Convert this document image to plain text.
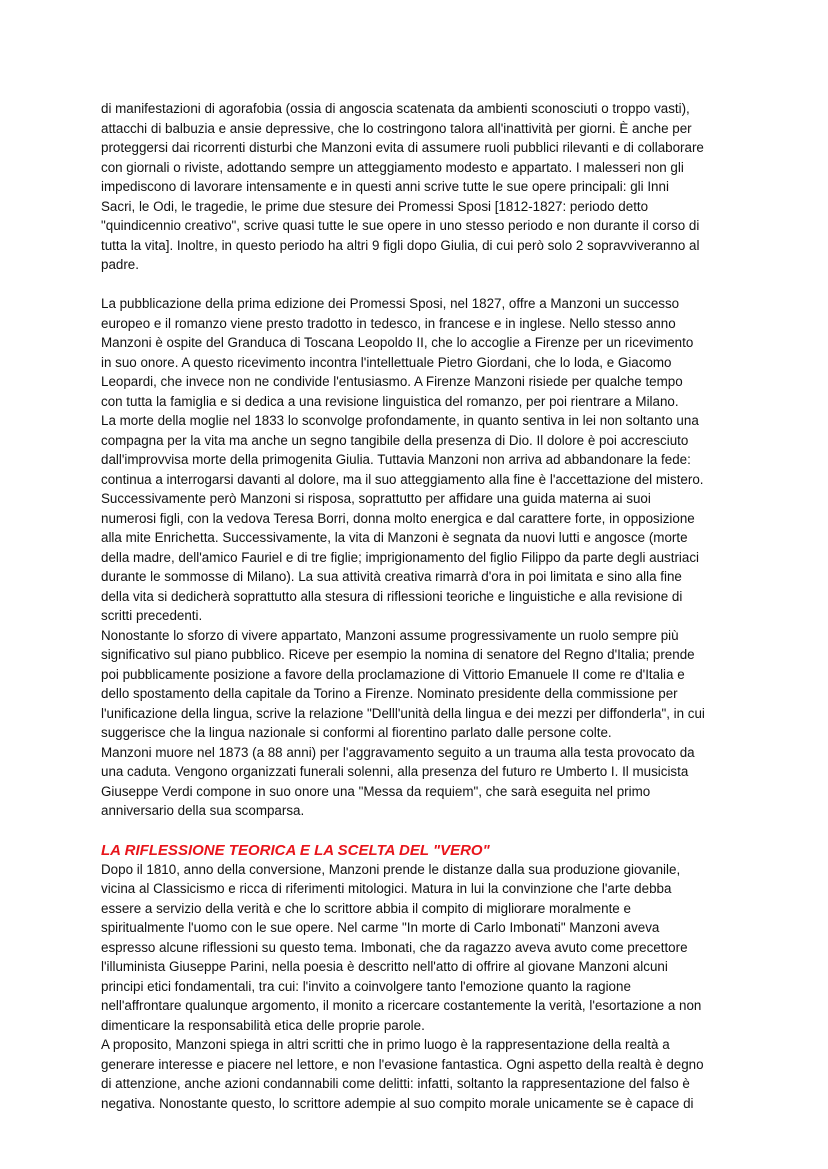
di manifestazioni di agorafobia (ossia di angoscia scatenata da ambienti sconosciuti o troppo vasti),
attacchi di balbuzia e ansie depressive, che lo costringono talora all'inattività per giorni. È anche per
proteggersi dai ricorrenti disturbi che Manzoni evita di assumere ruoli pubblici rilevanti e di collaborare
con giornali o riviste, adottando sempre un atteggiamento modesto e appartato. I malesseri non gli
impediscono di lavorare intensamente e in questi anni scrive tutte le sue opere principali: gli Inni
Sacri, le Odi, le tragedie, le prime due stesure dei Promessi Sposi [1812-1827: periodo detto
"quindicennio creativo", scrive quasi tutte le sue opere in uno stesso periodo e non durante il corso di
tutta la vita]. Inoltre, in questo periodo ha altri 9 figli dopo Giulia, di cui però solo 2 sopravviveranno al
padre.
La pubblicazione della prima edizione dei Promessi Sposi, nel 1827, offre a Manzoni un successo
europeo e il romanzo viene presto tradotto in tedesco, in francese e in inglese. Nello stesso anno
Manzoni è ospite del Granduca di Toscana Leopoldo II, che lo accoglie a Firenze per un ricevimento
in suo onore. A questo ricevimento incontra l'intellettuale Pietro Giordani, che lo loda, e Giacomo
Leopardi, che invece non ne condivide l'entusiasmo. A Firenze Manzoni risiede per qualche tempo
con tutta la famiglia e si dedica a una revisione linguistica del romanzo, per poi rientrare a Milano.
La morte della moglie nel 1833 lo sconvolge profondamente, in quanto sentiva in lei non soltanto una
compagna per la vita ma anche un segno tangibile della presenza di Dio. Il dolore è poi accresciuto
dall'improvvisa morte della primogenita Giulia. Tuttavia Manzoni non arriva ad abbandonare la fede:
continua a interrogarsi davanti al dolore, ma il suo atteggiamento alla fine è l'accettazione del mistero.
Successivamente però Manzoni si risposa, soprattutto per affidare una guida materna ai suoi
numerosi figli, con la vedova Teresa Borri, donna molto energica e dal carattere forte, in opposizione
alla mite Enrichetta. Successivamente, la vita di Manzoni è segnata da nuovi lutti e angosce (morte
della madre, dell'amico Fauriel e di tre figlie; imprigionamento del figlio Filippo da parte degli austriaci
durante le sommosse di Milano). La sua attività creativa rimarrà d'ora in poi limitata e sino alla fine
della vita si dedicherà soprattutto alla stesura di riflessioni teoriche e linguistiche e alla revisione di
scritti precedenti.
Nonostante lo sforzo di vivere appartato, Manzoni assume progressivamente un ruolo sempre più
significativo sul piano pubblico. Riceve per esempio la nomina di senatore del Regno d'Italia; prende
poi pubblicamente posizione a favore della proclamazione di Vittorio Emanuele II come re d'Italia e
dello spostamento della capitale da Torino a Firenze. Nominato presidente della commissione per
l'unificazione della lingua, scrive la relazione "Delll'unità della lingua e dei mezzi per diffonderla", in cui
suggerisce che la lingua nazionale si conformi al fiorentino parlato dalle persone colte.
Manzoni muore nel 1873 (a 88 anni) per l'aggravamento seguito a un trauma alla testa provocato da
una caduta. Vengono organizzati funerali solenni, alla presenza del futuro re Umberto I. Il musicista
Giuseppe Verdi compone in suo onore una "Messa da requiem", che sarà eseguita nel primo
anniversario della sua scomparsa.
LA RIFLESSIONE TEORICA E LA SCELTA DEL "VERO"
Dopo il 1810, anno della conversione, Manzoni prende le distanze dalla sua produzione giovanile,
vicina al Classicismo e ricca di riferimenti mitologici. Matura in lui la convinzione che l'arte debba
essere a servizio della verità e che lo scrittore abbia il compito di migliorare moralmente e
spiritualmente l'uomo con le sue opere. Nel carme "In morte di Carlo Imbonati" Manzoni aveva
espresso alcune riflessioni su questo tema. Imbonati, che da ragazzo aveva avuto come precettore
l'illuminista Giuseppe Parini, nella poesia è descritto nell'atto di offrire al giovane Manzoni alcuni
principi etici fondamentali, tra cui: l'invito a coinvolgere tanto l'emozione quanto la ragione
nell'affrontare qualunque argomento, il monito a ricercare costantemente la verità, l'esortazione a non
dimenticare la responsabilità etica delle proprie parole.
A proposito, Manzoni spiega in altri scritti che in primo luogo è la rappresentazione della realtà a
generare interesse e piacere nel lettore, e non l'evasione fantastica. Ogni aspetto della realtà è degno
di attenzione, anche azioni condannabili come delitti: infatti, soltanto la rappresentazione del falso è
negativa. Nonostante questo, lo scrittore adempie al suo compito morale unicamente se è capace di
